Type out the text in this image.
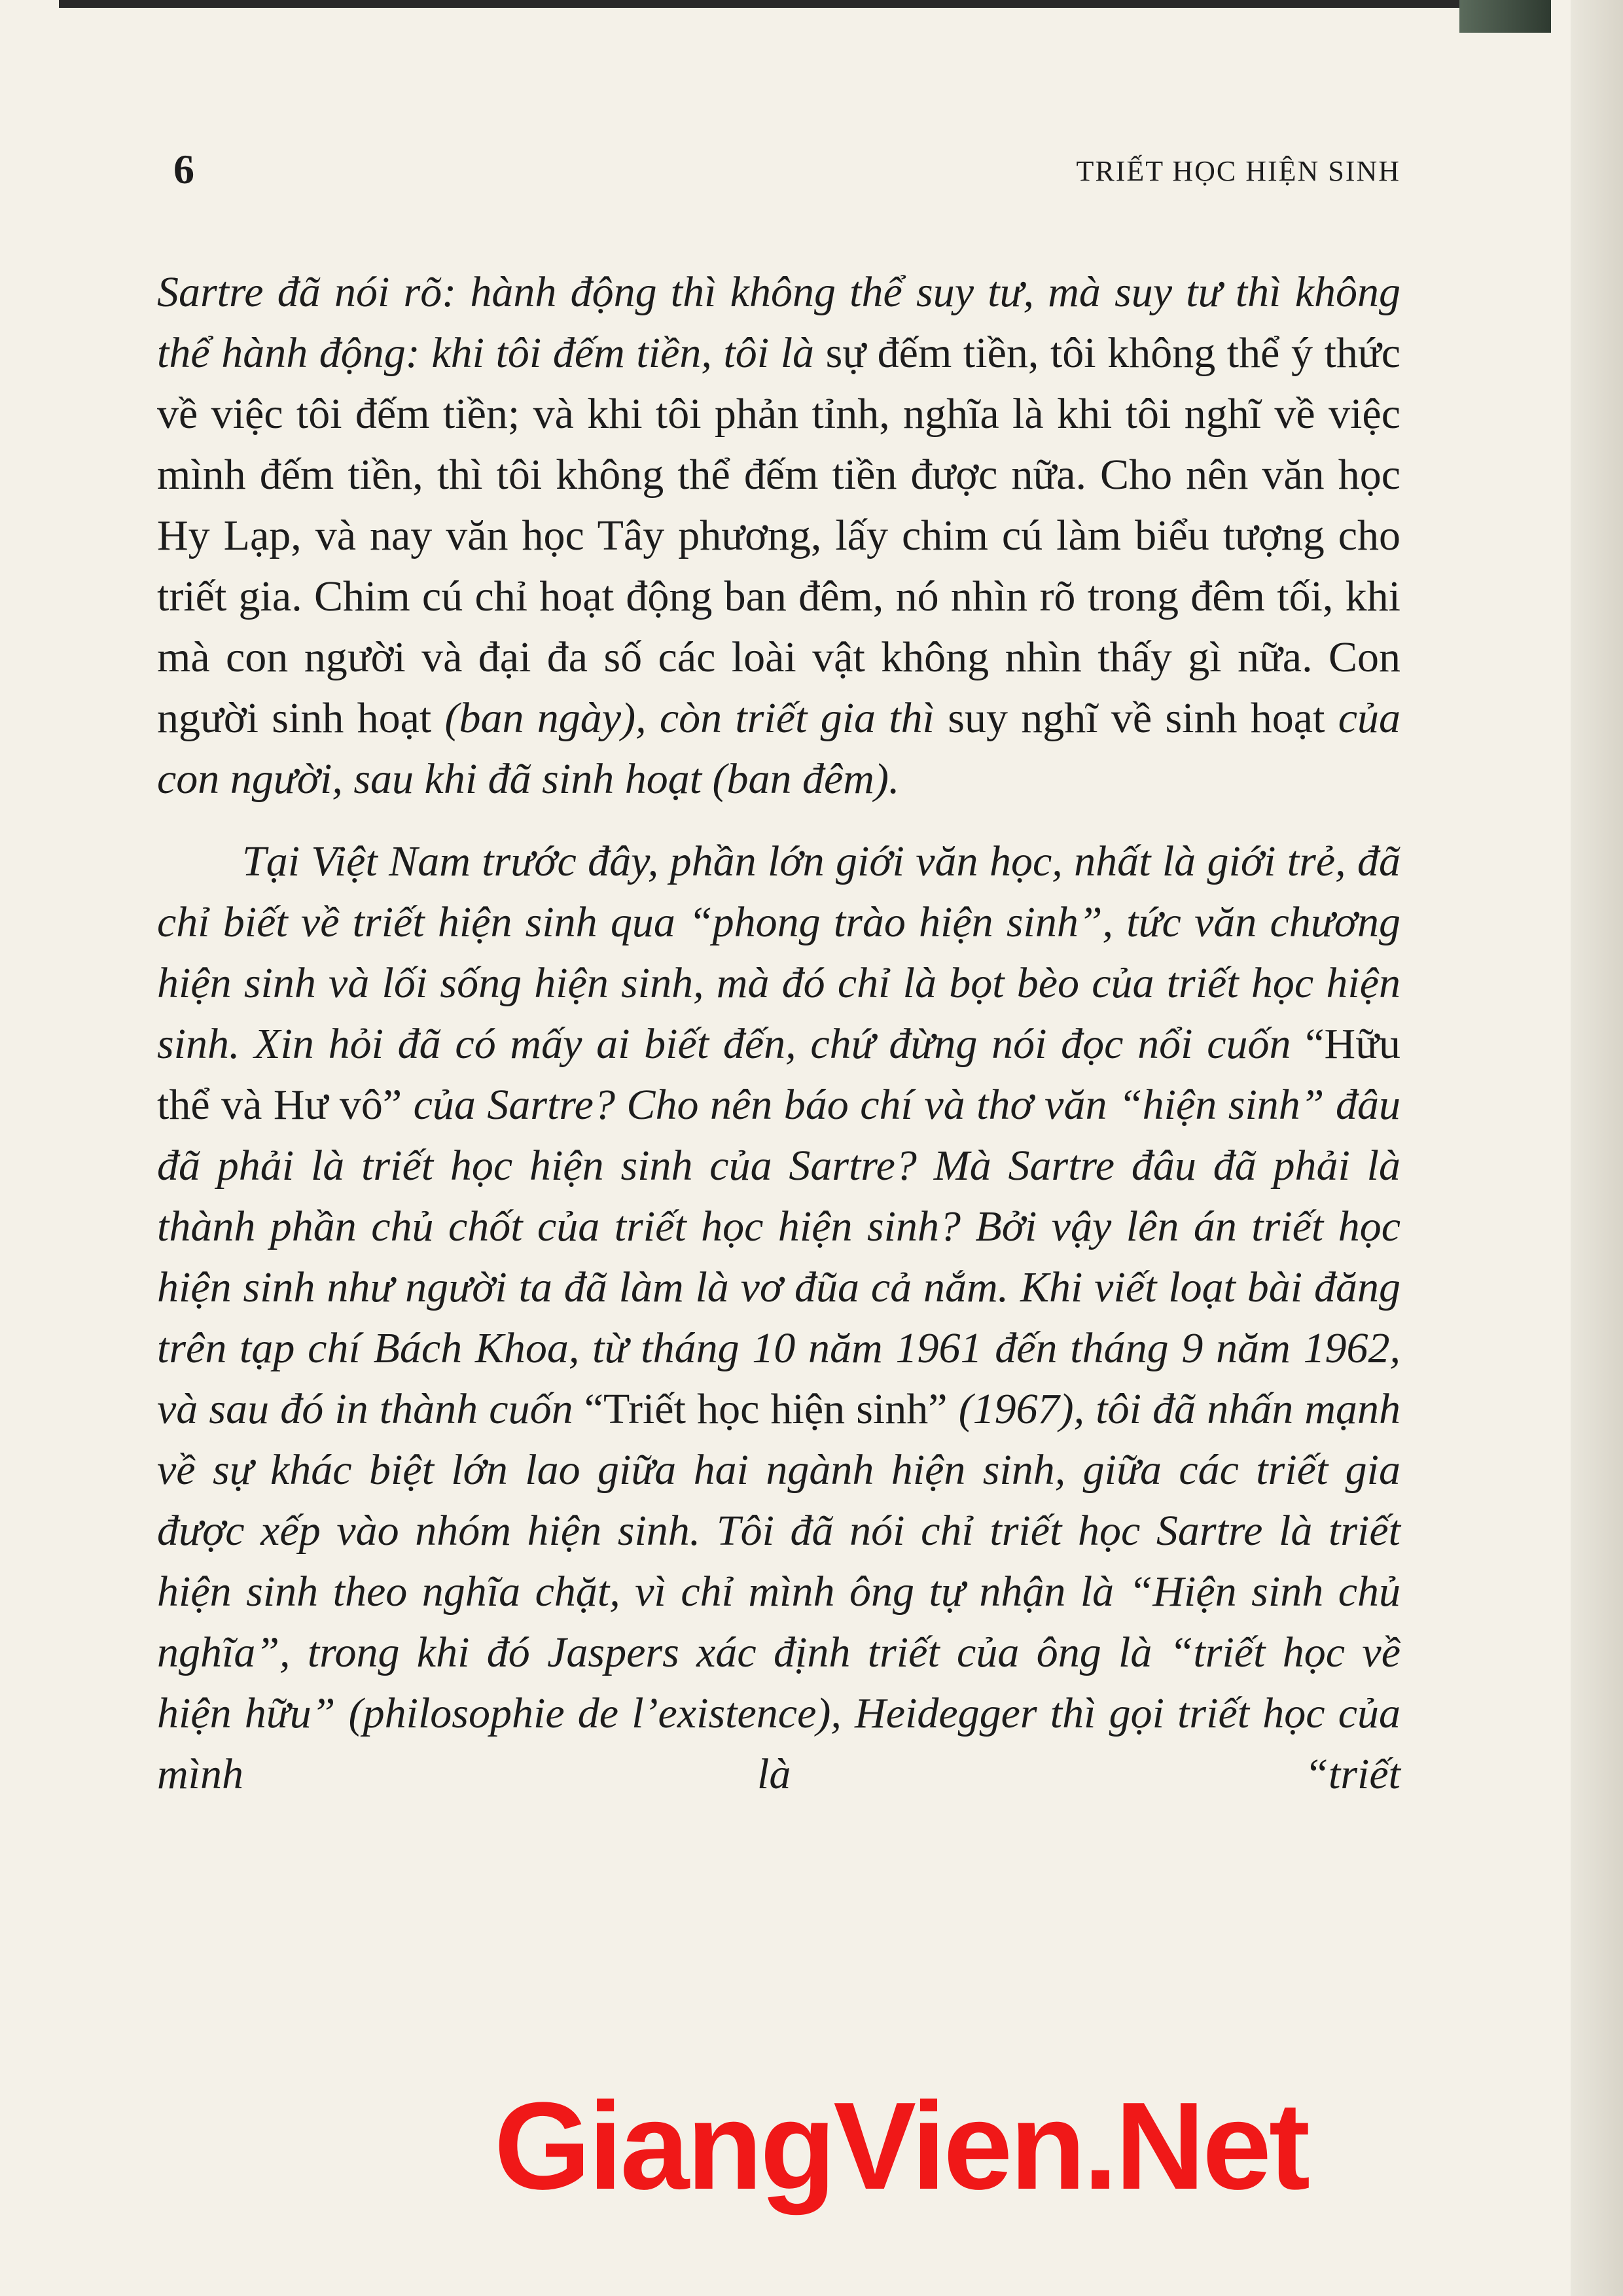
6	TRIẾT HỌC HIỆN SINH

Sartre đã nói rõ: hành động thì không thể suy tư, mà suy tư thì không thể hành động: khi tôi đếm tiền, tôi là sự đếm tiền, tôi không thể ý thức về việc tôi đếm tiền; và khi tôi phản tỉnh, nghĩa là khi tôi nghĩ về việc mình đếm tiền, thì tôi không thể đếm tiền được nữa. Cho nên văn học Hy Lạp, và nay văn học Tây phương, lấy chim cú làm biểu tượng cho triết gia. Chim cú chỉ hoạt động ban đêm, nó nhìn rõ trong đêm tối, khi mà con người và đại đa số các loài vật không nhìn thấy gì nữa. Con người sinh hoạt (ban ngày), còn triết gia thì suy nghĩ về sinh hoạt của con người, sau khi đã sinh hoạt (ban đêm).

Tại Việt Nam trước đây, phần lớn giới văn học, nhất là giới trẻ, đã chỉ biết về triết hiện sinh qua “phong trào hiện sinh”, tức văn chương hiện sinh và lối sống hiện sinh, mà đó chỉ là bọt bèo của triết học hiện sinh. Xin hỏi đã có mấy ai biết đến, chứ đừng nói đọc nổi cuốn “Hữu thể và Hư vô” của Sartre? Cho nên báo chí và thơ văn “hiện sinh” đâu đã phải là triết học hiện sinh của Sartre? Mà Sartre đâu đã phải là thành phần chủ chốt của triết học hiện sinh? Bởi vậy lên án triết học hiện sinh như người ta đã làm là vơ đũa cả nắm. Khi viết loạt bài đăng trên tạp chí Bách Khoa, từ tháng 10 năm 1961 đến tháng 9 năm 1962, và sau đó in thành cuốn “Triết học hiện sinh” (1967), tôi đã nhấn mạnh về sự khác biệt lớn lao giữa hai ngành hiện sinh, giữa các triết gia được xếp vào nhóm hiện sinh. Tôi đã nói chỉ triết học Sartre là triết hiện sinh theo nghĩa chặt, vì chỉ mình ông tự nhận là “Hiện sinh chủ nghĩa”, trong khi đó Jaspers xác định triết của ông là “triết học về hiện hữu” (philosophie de l’existence), Heidegger thì gọi triết học của mình là “triết

GiangVien.Net
